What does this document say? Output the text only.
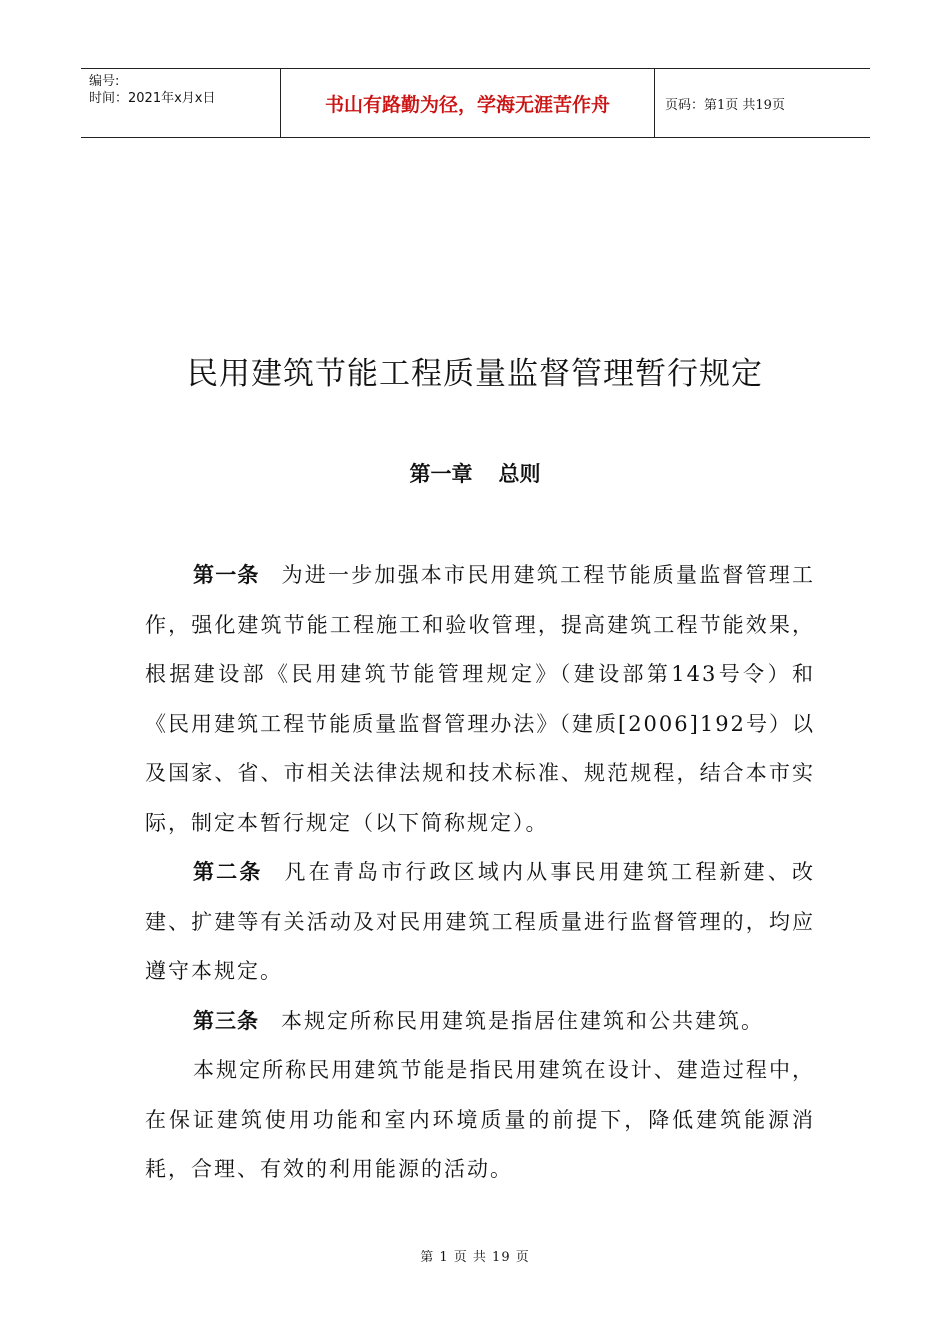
编号:
时间：2021年x月x日	书山有路勤为径，学海无涯苦作舟	页码：第1页 共19页
民用建筑节能工程质量监督管理暂行规定
第一章 总则

第一条 为进一步加强本市民用建筑工程节能质量监督管理工作，强化建筑节能工程施工和验收管理，提高建筑工程节能效果，根据建设部《民用建筑节能管理规定》（建设部第143号令）和《民用建筑工程节能质量监督管理办法》（建质[2006]192号）以及国家、省、市相关法律法规和技术标准、规范规程，结合本市实际，制定本暂行规定（以下简称规定）。

第二条 凡在青岛市行政区域内从事民用建筑工程新建、改建、扩建等有关活动及对民用建筑工程质量进行监督管理的，均应遵守本规定。

第三条 本规定所称民用建筑是指居住建筑和公共建筑。

本规定所称民用建筑节能是指民用建筑在设计、建造过程中，在保证建筑使用功能和室内环境质量的前提下，降低建筑能源消耗，合理、有效的利用能源的活动。

第 1 页 共 19 页
